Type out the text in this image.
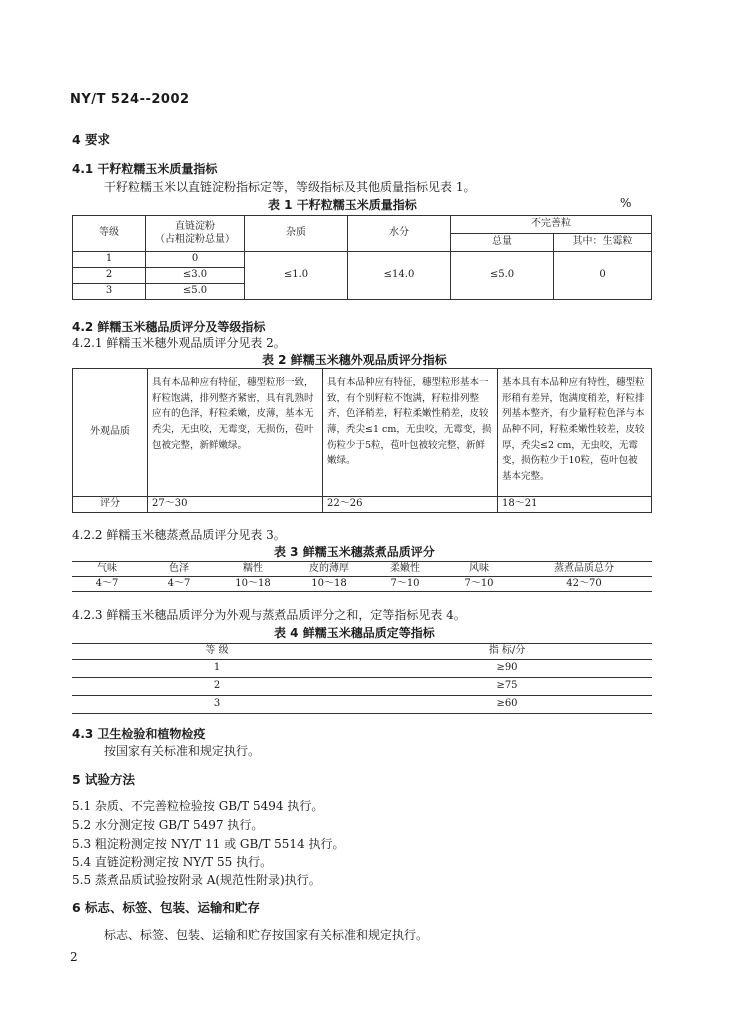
NY/T 524--2002
4 要求
4.1 干籽粒糯玉米质量指标
干籽粒糯玉米以直链淀粉指标定等，等级指标及其他质量指标见表 1。
表 1 干籽粒糯玉米质量指标	%
等级	直链淀粉
（占粗淀粉总量）	杂质	水分	不完善粒	
				总量	其中：生霉粒
1	0	≤1.0	≤14.0	≤5.0	0
2	≤3.0				
3	≤5.0				
4.2 鲜糯玉米穗品质评分及等级指标
4.2.1 鲜糯玉米穗外观品质评分见表 2。
表 2 鲜糯玉米穗外观品质评分指标
外观品质	具有本品种应有特征，穗型粒形一致，籽粒饱满，排列整齐紧密，具有乳熟时应有的色泽，籽粒柔嫩，皮薄，基本无秃尖，无虫咬，无霉变，无损伤，苞叶包被完整，新鲜嫩绿。	具有本品种应有特征，穗型粒形基本一致，有个别籽粒不饱满，籽粒排列整齐，色泽稍差，籽粒柔嫩性稍差，皮较薄，秃尖≤1 cm，无虫咬，无霉变，损伤粒少于5粒，苞叶包被较完整，新鲜嫩绿。	基本具有本品种应有特性，穗型粒形稍有差异，饱满度稍差，籽粒排列基本整齐，有少量籽粒色泽与本品种不同，籽粒柔嫩性较差，皮较厚，秃尖≤2 cm，无虫咬，无霉变，损伤粒少于10粒，苞叶包被基本完整。
评分	27～30	22～26	18～21
4.2.2 鲜糯玉米穗蒸煮品质评分见表 3。
表 3 鲜糯玉米穗蒸煮品质评分
气味	色泽	糯性	皮的薄厚	柔嫩性	风味	蒸煮品质总分
4～7	4～7	10～18	10～18	7～10	7～10	42～70
4.2.3 鲜糯玉米穗品质评分为外观与蒸煮品质评分之和，定等指标见表 4。
表 4 鲜糯玉米穗品质定等指标
等 级	指 标/分
1	≥90
2	≥75
3	≥60
4.3 卫生检验和植物检疫
按国家有关标准和规定执行。
5 试验方法
5.1 杂质、不完善粒检验按 GB/T 5494 执行。
5.2 水分测定按 GB/T 5497 执行。
5.3 粗淀粉测定按 NY/T 11 或 GB/T 5514 执行。
5.4 直链淀粉测定按 NY/T 55 执行。
5.5 蒸煮品质试验按附录 A(规范性附录)执行。
6 标志、标签、包装、运输和贮存
标志、标签、包装、运输和贮存按国家有关标准和规定执行。
2
